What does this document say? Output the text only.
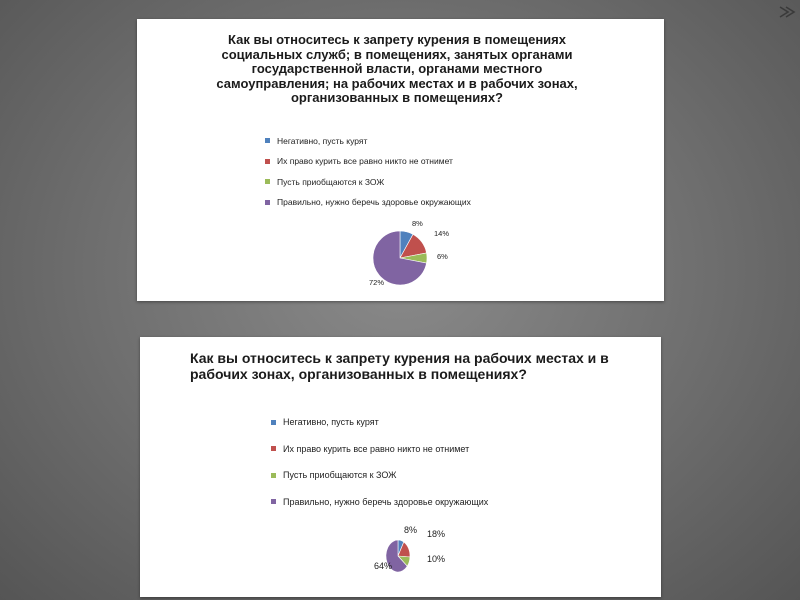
Как вы относитесь к запрету курения в помещениях социальных служб; в помещениях, занятых органами государственной власти, органами местного самоуправления; на рабочих местах и в рабочих зонах, организованных в помещениях?
Негативно, пусть курят
Их право курить все равно никто не отнимет
Пусть приобщаются к ЗОЖ
Правильно, нужно беречь здоровье окружающих
8%
14%
6%
72%
Как вы относитесь к запрету курения на рабочих местах и в рабочих зонах, организованных в помещениях?
Негативно, пусть курят
Их право курить все равно никто не отнимет
Пусть приобщаются к ЗОЖ
Правильно, нужно беречь здоровье окружающих
8% 18%
10%
64%
